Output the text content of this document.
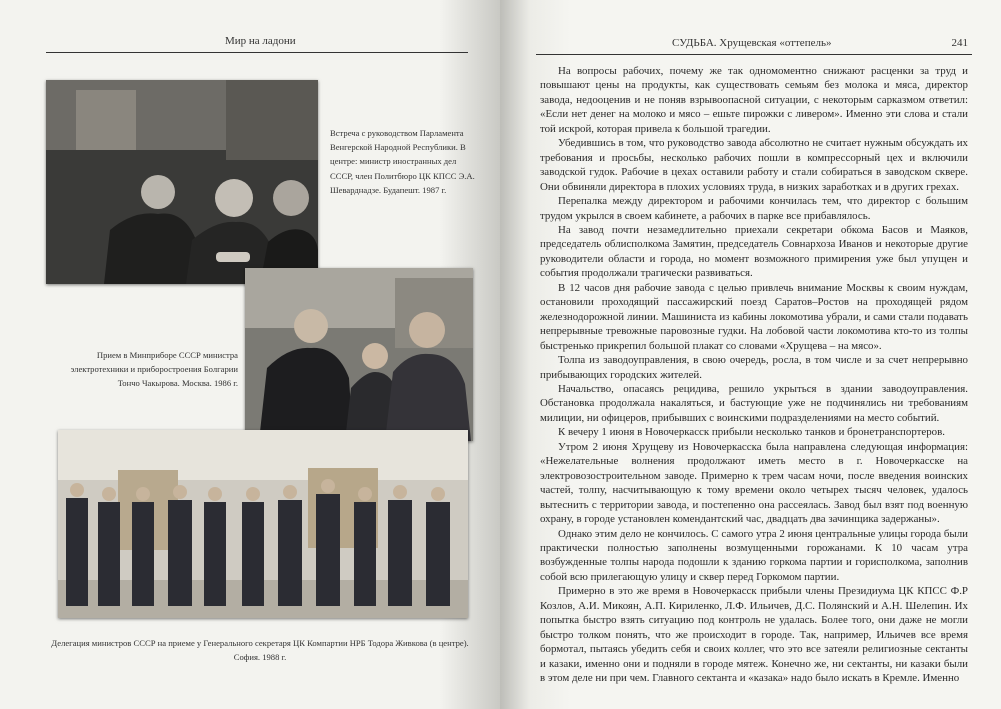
Мир на ладони
Встреча с руководством Парламента Венгерской Народной Республики. В центре: министр иностранных дел СССР, член Политбюро ЦК КПСС Э.А. Шеварднадзе. Будапешт. 1987 г.
Прием в Минприборе СССР министра электротехники и приборостроения Болгарии Тончо Чакырова. Москва. 1986 г.
Делегация министров СССР на приеме у Генерального секретаря ЦК Компартии НРБ Тодора Живкова (в центре). София. 1988 г.
СУДЬБА. Хрущевская «оттепель»	241

На вопросы рабочих, почему же так одномоментно снижают расценки за труд и повышают цены на продукты, как существовать семьям без молока и мяса, директор завода, недооценив и не поняв взрывоопасной ситуации, с некоторым сарказмом ответил: «Если нет денег на молоко и мясо – ешьте пирожки с ливером». Именно эти слова и стали той искрой, которая привела к большой трагедии.

Убедившись в том, что руководство завода абсолютно не считает нужным обсуждать их требования и просьбы, несколько рабочих пошли в компрессорный цех и включили заводской гудок. Рабочие в цехах оставили работу и стали собираться в заводском сквере. Они обвиняли директора в плохих условиях труда, в низких заработках и в других грехах.

Перепалка между директором и рабочими кончилась тем, что директор с большим трудом укрылся в своем кабинете, а рабочих в парке все прибавлялось.

На завод почти незамедлительно приехали секретари обкома Басов и Маяков, председатель облисполкома Замятин, председатель Совнархоза Иванов и некоторые другие руководители области и города, но момент возможного примирения уже был упущен и события продолжали трагически развиваться.

В 12 часов дня рабочие завода с целью привлечь внимание Москвы к своим нуждам, остановили проходящий пассажирский поезд Саратов–Ростов на проходящей рядом железнодорожной линии. Машиниста из кабины локомотива убрали, и сами стали подавать непрерывные тревожные паровозные гудки. На лобовой части локомотива кто-то из толпы быстренько прикрепил большой плакат со словами «Хрущева – на мясо».

Толпа из заводоуправления, в свою очередь, росла, в том числе и за счет непрерывно прибывающих городских жителей.

Начальство, опасаясь рецидива, решило укрыться в здании заводоуправления. Обстановка продолжала накаляться, и бастующие уже не подчинялись ни требованиям милиции, ни офицеров, прибывших с воинскими подразделениями на место событий.

К вечеру 1 июня в Новочеркасск прибыли несколько танков и бронетранспортеров.

Утром 2 июня Хрущеву из Новочеркасска была направлена следующая информация: «Нежелательные волнения продолжают иметь место в г. Новочеркасске на электровозостроительном заводе. Примерно к трем часам ночи, после введения воинских частей, толпу, насчитывающую к тому времени около четырех тысяч человек, удалось вытеснить с территории завода, и постепенно она рассеялась. Завод был взят под военную охрану, в городе установлен комендантский час, двадцать два зачинщика задержаны».

Однако этим дело не кончилось. С самого утра 2 июня центральные улицы города были практически полностью заполнены возмущенными горожанами. К 10 часам утра возбужденные толпы народа подошли к зданию горкома партии и горисполкома, заполнив собой всю прилегающую улицу и сквер перед Горкомом партии.

Примерно в это же время в Новочеркасск прибыли члены Президиума ЦК КПСС Ф.Р Козлов, А.И. Микоян, А.П. Кириленко, Л.Ф. Ильичев, Д.С. Полянский и А.Н. Шелепин. Их попытка быстро взять ситуацию под контроль не удалась. Более того, они даже не могли быстро толком понять, что же происходит в городе. Так, например, Ильичев все время бормотал, пытаясь убедить себя и своих коллег, что это все затеяли религиозные сектанты и казаки, именно они и подняли в городе мятеж. Конечно же, ни сектанты, ни казаки были в этом деле ни при чем. Главного сектанта и «казака» надо было искать в Кремле. Именно
